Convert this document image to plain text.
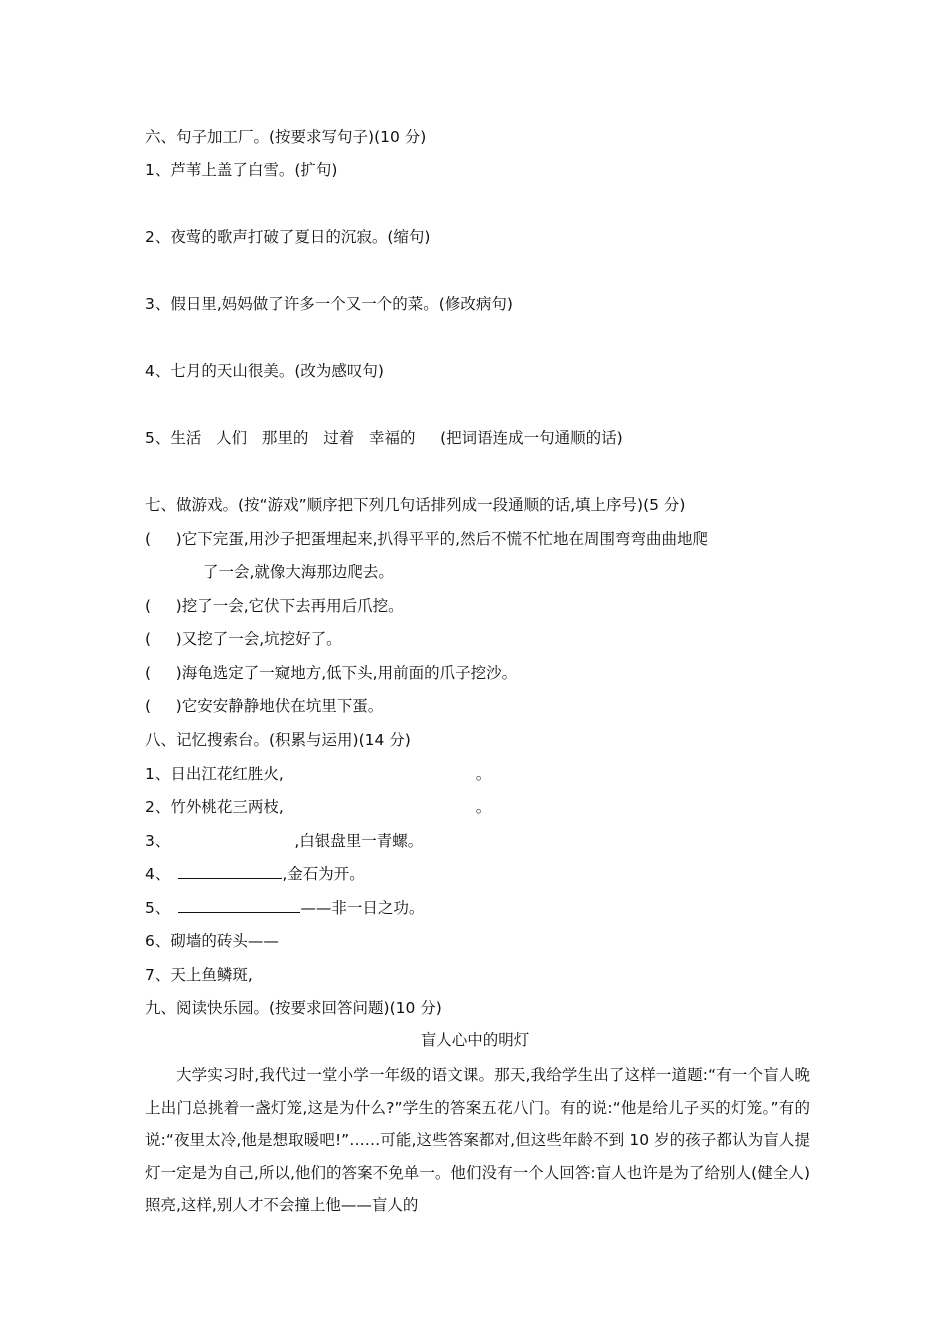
六、句子加工厂。(按要求写句子)(10 分)

1、芦苇上盖了白雪。(扩句)

2、夜莺的歌声打破了夏日的沉寂。(缩句)

3、假日里,妈妈做了许多一个又一个的菜。(修改病句)

4、七月的天山很美。(改为感叹句)

5、生活   人们   那里的   过着   幸福的     (把词语连成一句通顺的话)

七、做游戏。(按“游戏”顺序把下列几句话排列成一段通顺的话,填上序号)(5 分)

(     )它下完蛋,用沙子把蛋埋起来,扒得平平的,然后不慌不忙地在周围弯弯曲曲地爬

了一会,就像大海那边爬去。

(     )挖了一会,它伏下去再用后爪挖。

(     )又挖了一会,坑挖好了。

(     )海龟选定了一窥地方,低下头,用前面的爪子挖沙。

(     )它安安静静地伏在坑里下蛋。

八、记忆搜索台。(积累与运用)(14 分)

1、日出江花红胜火,	。

2、竹外桃花三两枝,	。

3、	,白银盘里一青螺。

4、	,金石为开。

5、	——非一日之功。

6、砌墙的砖头——

7、天上鱼鳞斑,

九、阅读快乐园。(按要求回答问题)(10 分)

盲人心中的明灯

大学实习时,我代过一堂小学一年级的语文课。那天,我给学生出了这样一道题:“有一个盲人晚上出门总挑着一盏灯笼,这是为什么?”学生的答案五花八门。有的说:“他是给儿子买的灯笼。”有的说:“夜里太冷,他是想取暖吧!”……可能,这些答案都对,但这些年龄不到 10 岁的孩子都认为盲人提灯一定是为自己,所以,他们的答案不免单一。他们没有一个人回答:盲人也许是为了给别人(健全人)照亮,这样,别人才不会撞上他——盲人的
